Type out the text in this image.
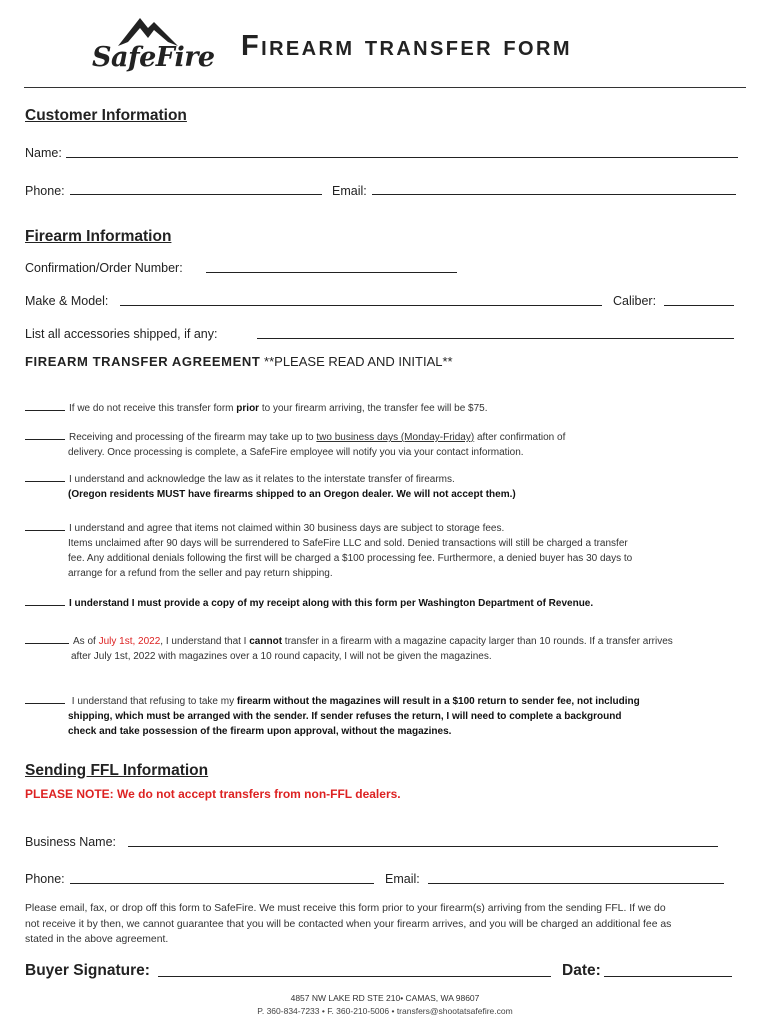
SafeFire Firearm transfer form
Customer Information
Name:
Phone:	Email:
Firearm Information
Confirmation/Order Number:
Make & Model:	Caliber:
List all accessories shipped, if any:
FIREARM TRANSFER AGREEMENT **PLEASE READ AND INITIAL**
If we do not receive this transfer form prior to your firearm arriving, the transfer fee will be $75.
Receiving and processing of the firearm may take up to two business days (Monday-Friday) after confirmation of
delivery. Once processing is complete, a SafeFire employee will notify you via your contact information.
I understand and acknowledge the law as it relates to the interstate transfer of firearms.
(Oregon residents MUST have firearms shipped to an Oregon dealer. We will not accept them.)
I understand and agree that items not claimed within 30 business days are subject to storage fees.
Items unclaimed after 90 days will be surrendered to SafeFire LLC and sold. Denied transactions will still be charged a transfer
fee. Any additional denials following the first will be charged a $100 processing fee. Furthermore, a denied buyer has 30 days to
arrange for a refund from the seller and pay return shipping.
I understand I must provide a copy of my receipt along with this form per Washington Department of Revenue.
As of July 1st, 2022, I understand that I cannot transfer in a firearm with a magazine capacity larger than 10 rounds. If a transfer arrives
after July 1st, 2022 with magazines over a 10 round capacity, I will not be given the magazines.
I understand that refusing to take my firearm without the magazines will result in a $100 return to sender fee, not including
shipping, which must be arranged with the sender. If sender refuses the return, I will need to complete a background
check and take possession of the firearm upon approval, without the magazines.
Sending FFL Information
PLEASE NOTE: We do not accept transfers from non-FFL dealers.
Business Name:
Phone:	Email:
Please email, fax, or drop off this form to SafeFire. We must receive this form prior to your firearm(s) arriving from the sending FFL. If we do
not receive it by then, we cannot guarantee that you will be contacted when your firearm arrives, and you will be charged an additional fee as
stated in the above agreement.
Buyer Signature:	Date:
4857 NW LAKE RD STE 210• CAMAS, WA 98607
P. 360-834-7233 • F. 360-210-5006 • transfers@shootatsafefire.com
